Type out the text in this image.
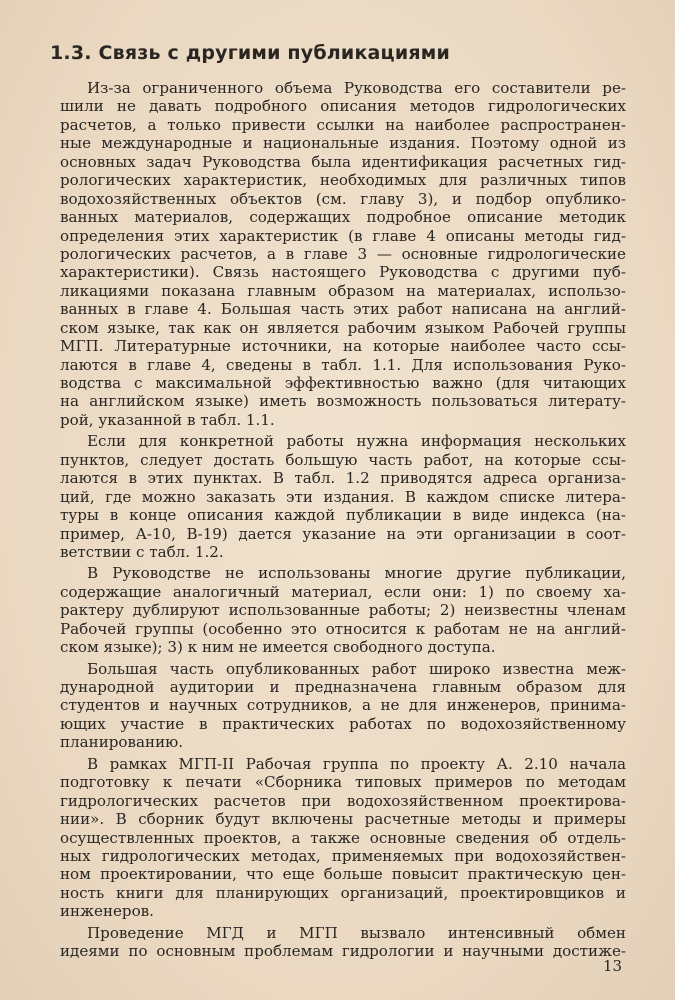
1.3. Связь с другими публикациями
Из-за ограниченного объема Руководства его составители ре-
шили не давать подробного описания методов гидрологических
расчетов, а только привести ссылки на наиболее распространен-
ные международные и национальные издания. Поэтому одной из
основных задач Руководства была идентификация расчетных гид-
рологических характеристик, необходимых для различных типов
водохозяйственных объектов (см. главу 3), и подбор опублико-
ванных материалов, содержащих подробное описание методик
определения этих характеристик (в главе 4 описаны методы гид-
рологических расчетов, а в главе 3 — основные гидрологические
характеристики). Связь настоящего Руководства с другими пуб-
ликациями показана главным образом на материалах, использо-
ванных в главе 4. Большая часть этих работ написана на англий-
ском языке, так как он является рабочим языком Рабочей группы
МГП. Литературные источники, на которые наиболее часто ссы-
лаются в главе 4, сведены в табл. 1.1. Для использования Руко-
водства с максимальной эффективностью важно (для читающих
на английском языке) иметь возможность пользоваться литерату-
рой, указанной в табл. 1.1.
Если для конкретной работы нужна информация нескольких
пунктов, следует достать большую часть работ, на которые ссы-
лаются в этих пунктах. В табл. 1.2 приводятся адреса организа-
ций, где можно заказать эти издания. В каждом списке литера-
туры в конце описания каждой публикации в виде индекса (на-
пример, А-10, В-19) дается указание на эти организации в соот-
ветствии с табл. 1.2.
В Руководстве не использованы многие другие публикации,
содержащие аналогичный материал, если они: 1) по своему ха-
рактеру дублируют использованные работы; 2) неизвестны членам
Рабочей группы (особенно это относится к работам не на англий-
ском языке); 3) к ним не имеется свободного доступа.
Большая часть опубликованных работ широко известна меж-
дународной аудитории и предназначена главным образом для
студентов и научных сотрудников, а не для инженеров, принима-
ющих участие в практических работах по водохозяйственному
планированию.
В рамках МГП-II Рабочая группа по проекту А. 2.10 начала
подготовку к печати «Сборника типовых примеров по методам
гидрологических расчетов при водохозяйственном проектирова-
нии». В сборник будут включены расчетные методы и примеры
осуществленных проектов, а также основные сведения об отдель-
ных гидрологических методах, применяемых при водохозяйствен-
ном проектировании, что еще больше повысит практическую цен-
ность книги для планирующих организаций, проектировщиков и
инженеров.
Проведение МГД и МГП вызвало интенсивный обмен
идеями по основным проблемам гидрологии и научными достиже-
13
